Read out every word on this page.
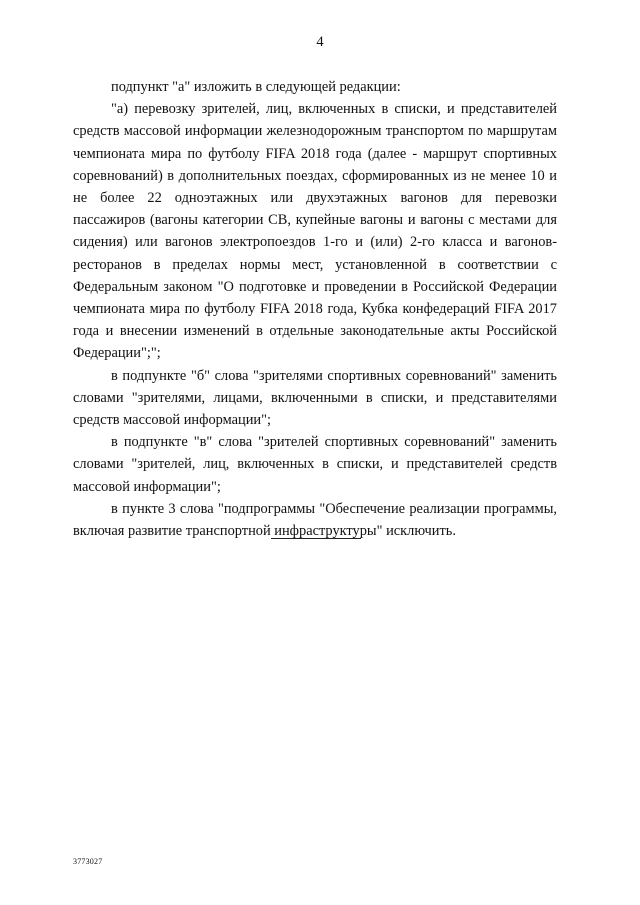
4

подпункт "а" изложить в следующей редакции:

"а) перевозку зрителей, лиц, включенных в списки, и представителей средств массовой информации железнодорожным транспортом по маршрутам чемпионата мира по футболу FIFA 2018 года (далее - маршрут спортивных соревнований) в дополнительных поездах, сформированных из не менее 10 и не более 22 одноэтажных или двухэтажных вагонов для перевозки пассажиров (вагоны категории СВ, купейные вагоны и вагоны с местами для сидения) или вагонов электропоездов 1-го и (или) 2-го класса и вагонов-ресторанов в пределах нормы мест, установленной в соответствии с Федеральным законом "О подготовке и проведении в Российской Федерации чемпионата мира по футболу FIFA 2018 года, Кубка конфедераций FIFA 2017 года и внесении изменений в отдельные законодательные акты Российской Федерации";";

в подпункте "б" слова "зрителями спортивных соревнований" заменить словами "зрителями, лицами, включенными в списки, и представителями средств массовой информации";

в подпункте "в" слова "зрителей спортивных соревнований" заменить словами "зрителей, лиц, включенных в списки, и представителей средств массовой информации";

в пункте 3 слова "подпрограммы "Обеспечение реализации программы, включая развитие транспортной инфраструктуры" исключить.

3773027
